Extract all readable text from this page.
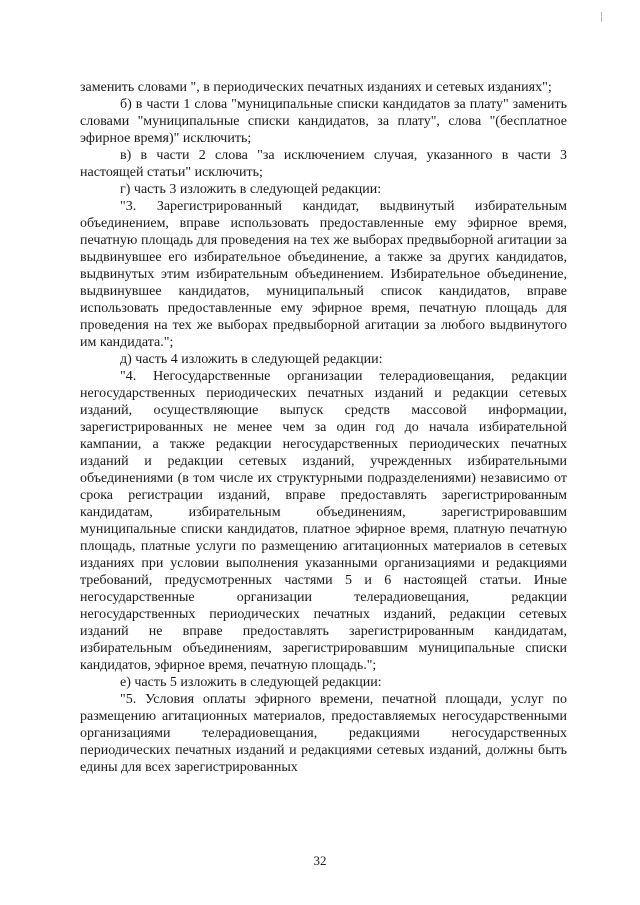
заменить словами ", в периодических печатных изданиях и сетевых изданиях";

б) в части 1 слова "муниципальные списки кандидатов за плату" заменить словами "муниципальные списки кандидатов, за плату", слова "(бесплатное эфирное время)" исключить;

в) в части 2 слова "за исключением случая, указанного в части 3 настоящей статьи" исключить;

г) часть 3 изложить в следующей редакции:

"3. Зарегистрированный кандидат, выдвинутый избирательным объединением, вправе использовать предоставленные ему эфирное время, печатную площадь для проведения на тех же выборах предвыборной агитации за выдвинувшее его избирательное объединение, а также за других кандидатов, выдвинутых этим избирательным объединением. Избирательное объединение, выдвинувшее кандидатов, муниципальный список кандидатов, вправе использовать предоставленные ему эфирное время, печатную площадь для проведения на тех же выборах предвыборной агитации за любого выдвинутого им кандидата.";

д) часть 4 изложить в следующей редакции:

"4. Негосударственные организации телерадиовещания, редакции негосударственных периодических печатных изданий и редакции сетевых изданий, осуществляющие выпуск средств массовой информации, зарегистрированных не менее чем за один год до начала избирательной кампании, а также редакции негосударственных периодических печатных изданий и редакции сетевых изданий, учрежденных избирательными объединениями (в том числе их структурными подразделениями) независимо от срока регистрации изданий, вправе предоставлять зарегистрированным кандидатам, избирательным объединениям, зарегистрировавшим муниципальные списки кандидатов, платное эфирное время, платную печатную площадь, платные услуги по размещению агитационных материалов в сетевых изданиях при условии выполнения указанными организациями и редакциями требований, предусмотренных частями 5 и 6 настоящей статьи. Иные негосударственные организации телерадиовещания, редакции негосударственных периодических печатных изданий, редакции сетевых изданий не вправе предоставлять зарегистрированным кандидатам, избирательным объединениям, зарегистрировавшим муниципальные списки кандидатов, эфирное время, печатную площадь.";

е) часть 5 изложить в следующей редакции:

"5. Условия оплаты эфирного времени, печатной площади, услуг по размещению агитационных материалов, предоставляемых негосударственными организациями телерадиовещания, редакциями негосударственных периодических печатных изданий и редакциями сетевых изданий, должны быть едины для всех зарегистрированных

32
